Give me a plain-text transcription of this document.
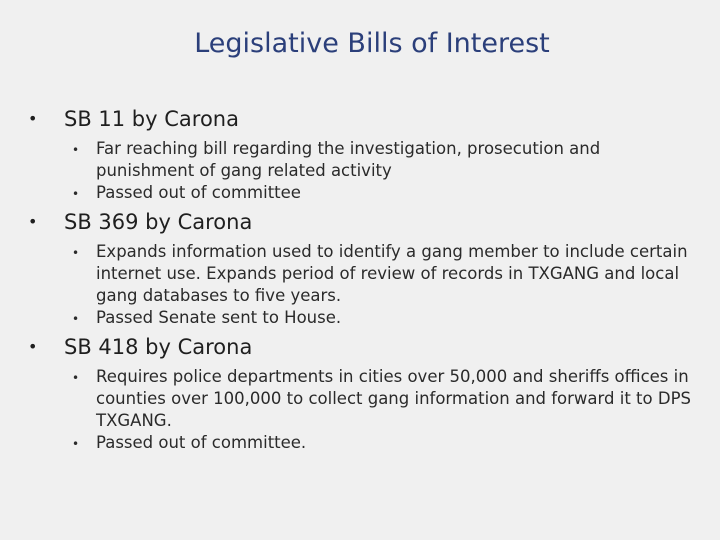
Legislative Bills of Interest
• SB 11 by Carona
• Far reaching bill regarding the investigation, prosecution and punishment of gang related activity
• Passed out of committee
• SB 369 by Carona
• Expands information used to identify a gang member to include certain internet use. Expands period of review of records in TXGANG and local gang databases to five years.
• Passed Senate sent to House.
• SB 418 by Carona
• Requires police departments in cities over 50,000 and sheriffs offices in counties over 100,000 to collect gang information and forward it to DPS TXGANG.
• Passed out of committee.
